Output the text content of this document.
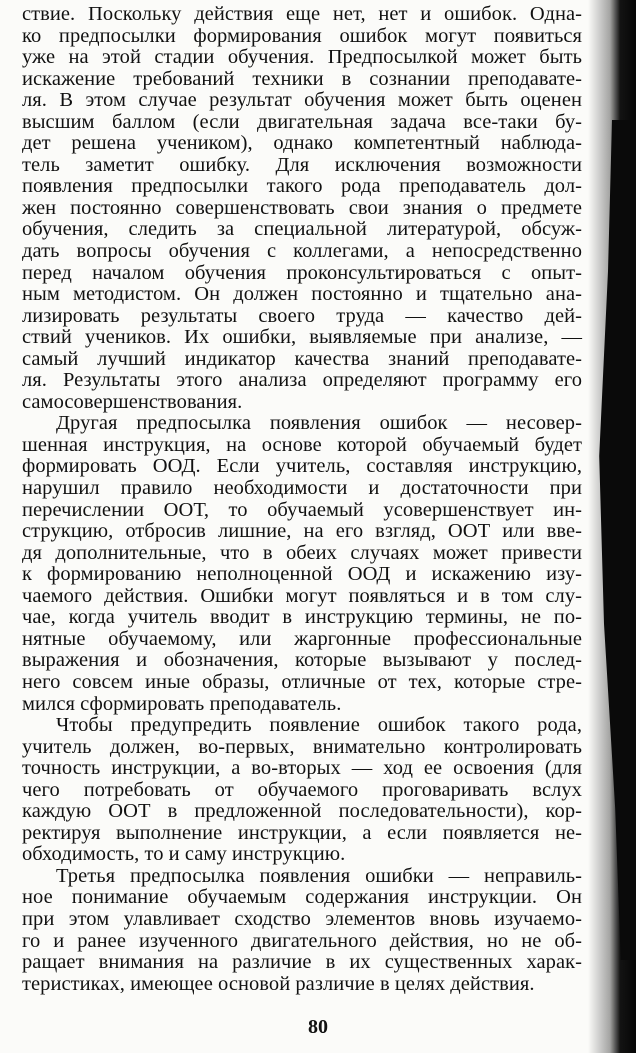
ствие. Поскольку действия еще нет, нет и ошибок. Одна-
ко предпосылки формирования ошибок могут появиться
уже на этой стадии обучения. Предпосылкой может быть
искажение требований техники в сознании преподавате-
ля. В этом случае результат обучения может быть оценен
высшим баллом (если двигательная задача все-таки бу-
дет решена учеником), однако компетентный наблюда-
тель заметит ошибку. Для исключения возможности
появления предпосылки такого рода преподаватель дол-
жен постоянно совершенствовать свои знания о предмете
обучения, следить за специальной литературой, обсуж-
дать вопросы обучения с коллегами, а непосредственно
перед началом обучения проконсультироваться с опыт-
ным методистом. Он должен постоянно и тщательно ана-
лизировать результаты своего труда — качество дей-
ствий учеников. Их ошибки, выявляемые при анализе, —
самый лучший индикатор качества знаний преподавате-
ля. Результаты этого анализа определяют программу его
самосовершенствования.
Другая предпосылка появления ошибок — несовер-
шенная инструкция, на основе которой обучаемый будет
формировать ООД. Если учитель, составляя инструкцию,
нарушил правило необходимости и достаточности при
перечислении ООТ, то обучаемый усовершенствует ин-
струкцию, отбросив лишние, на его взгляд, ООТ или вве-
дя дополнительные, что в обеих случаях может привести
к формированию неполноценной ООД и искажению изу-
чаемого действия. Ошибки могут появляться и в том слу-
чае, когда учитель вводит в инструкцию термины, не по-
нятные обучаемому, или жаргонные профессиональные
выражения и обозначения, которые вызывают у послед-
него совсем иные образы, отличные от тех, которые стре-
мился сформировать преподаватель.
Чтобы предупредить появление ошибок такого рода,
учитель должен, во-первых, внимательно контролировать
точность инструкции, а во-вторых — ход ее освоения (для
чего потребовать от обучаемого проговаривать вслух
каждую ООТ в предложенной последовательности), кор-
ректируя выполнение инструкции, а если появляется не-
обходимость, то и саму инструкцию.
Третья предпосылка появления ошибки — неправиль-
ное понимание обучаемым содержания инструкции. Он
при этом улавливает сходство элементов вновь изучаемо-
го и ранее изученного двигательного действия, но не об-
ращает внимания на различие в их существенных харак-
теристиках, имеющее основой различие в целях действия.
80
